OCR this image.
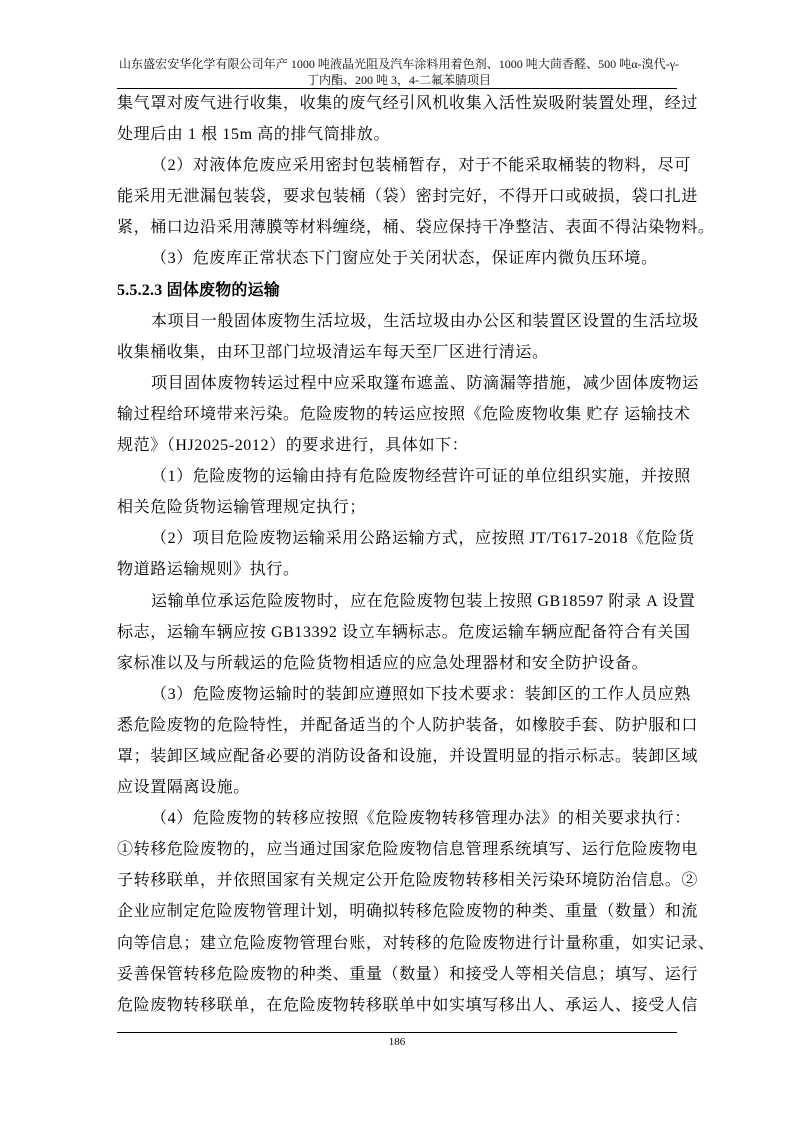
山东盛宏安华化学有限公司年产 1000 吨液晶光阻及汽车涂料用着色剂、1000 吨大茴香醛、500 吨α-溴代-γ-
丁内酯、200 吨 3，4-二氟苯腈项目
集气罩对废气进行收集，收集的废气经引风机收集入活性炭吸附装置处理，经过
处理后由 1 根 15m 高的排气筒排放。
（2）对液体危废应采用密封包装桶暂存，对于不能采取桶装的物料，尽可
能采用无泄漏包装袋，要求包装桶（袋）密封完好，不得开口或破损，袋口扎进
紧，桶口边沿采用薄膜等材料缠绕，桶、袋应保持干净整洁、表面不得沾染物料。
（3）危废库正常状态下门窗应处于关闭状态，保证库内微负压环境。
5.5.2.3 固体废物的运输
本项目一般固体废物生活垃圾，生活垃圾由办公区和装置区设置的生活垃圾
收集桶收集，由环卫部门垃圾清运车每天至厂区进行清运。
项目固体废物转运过程中应采取篷布遮盖、防滴漏等措施，减少固体废物运
输过程给环境带来污染。危险废物的转运应按照《危险废物收集 贮存 运输技术
规范》（HJ2025-2012）的要求进行，具体如下：
（1）危险废物的运输由持有危险废物经营许可证的单位组织实施，并按照
相关危险货物运输管理规定执行；
（2）项目危险废物运输采用公路运输方式，应按照 JT/T617-2018《危险货
物道路运输规则》执行。
运输单位承运危险废物时，应在危险废物包装上按照 GB18597 附录 A 设置
标志，运输车辆应按 GB13392 设立车辆标志。危废运输车辆应配备符合有关国
家标准以及与所载运的危险货物相适应的应急处理器材和安全防护设备。
（3）危险废物运输时的装卸应遵照如下技术要求：装卸区的工作人员应熟
悉危险废物的危险特性，并配备适当的个人防护装备，如橡胶手套、防护服和口
罩；装卸区域应配备必要的消防设备和设施，并设置明显的指示标志。装卸区域
应设置隔离设施。
（4）危险废物的转移应按照《危险废物转移管理办法》的相关要求执行：
①转移危险废物的，应当通过国家危险废物信息管理系统填写、运行危险废物电
子转移联单，并依照国家有关规定公开危险废物转移相关污染环境防治信息。②
企业应制定危险废物管理计划，明确拟转移危险废物的种类、重量（数量）和流
向等信息；建立危险废物管理台账，对转移的危险废物进行计量称重，如实记录、
妥善保管转移危险废物的种类、重量（数量）和接受人等相关信息；填写、运行
危险废物转移联单，在危险废物转移联单中如实填写移出人、承运人、接受人信
186
